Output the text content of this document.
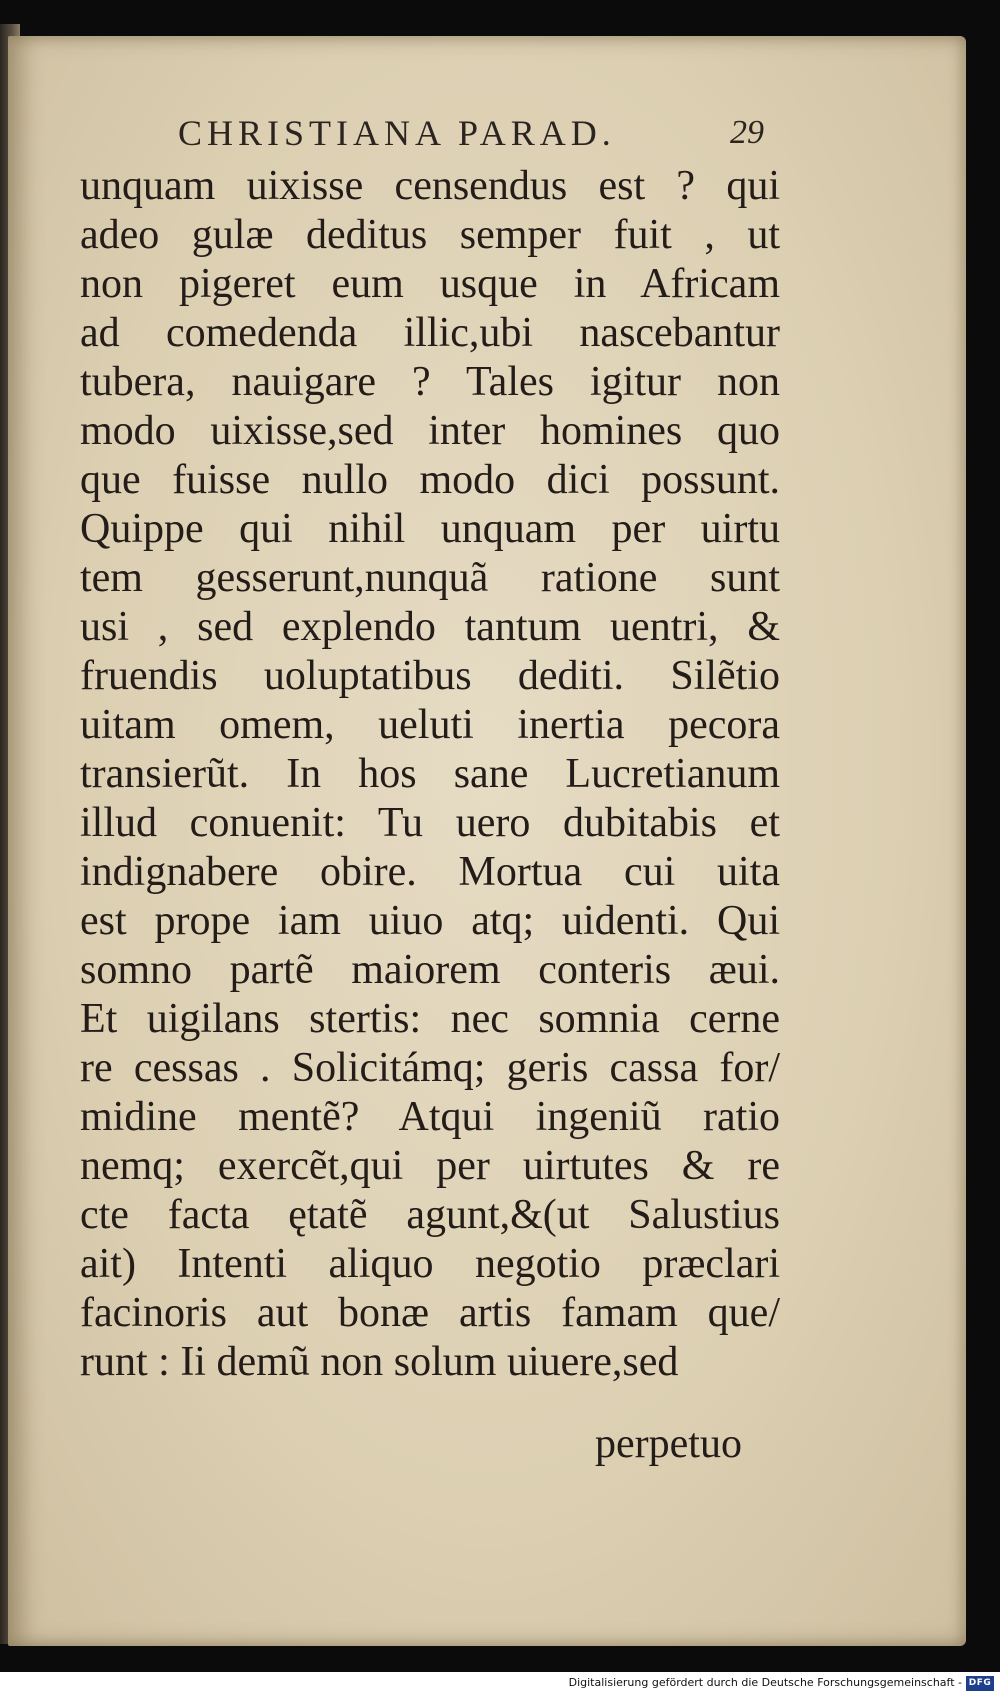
CHRISTIANA PARAD.	29
unquam uixisse censendus est ? qui
adeo gulæ deditus semper fuit , ut
non pigeret eum usque in Africam
ad comedenda illic,ubi nascebantur
tubera, nauigare ? Tales igitur non
modo uixisse,sed inter homines quo
que fuisse nullo modo dici possunt.
Quippe qui nihil unquam per uirtu
tem gesserunt,nunquã ratione sunt
usi , sed explendo tantum uentri, &
fruendis uoluptatibus dediti. Silẽtio
uitam omem, ueluti inertia pecora
transierũt. In hos sane Lucretianum
illud conuenit: Tu uero dubitabis et
indignabere obire. Mortua cui uita
est prope iam uiuo atq; uidenti. Qui
somno partẽ maiorem conteris æui.
Et uigilans stertis: nec somnia cerne
re cessas . Solicitámq; geris cassa for/
midine mentẽ? Atqui ingeniũ ratio
nemq; exercẽt,qui per uirtutes & re
cte facta ętatẽ agunt,&(ut Salustius
ait) Intenti aliquo negotio præclari
facinoris aut bonæ artis famam que/
runt : Ii demũ non solum uiuere,sed
perpetuo
Digitalisierung gefördert durch die Deutsche Forschungsgemeinschaft - DFG
